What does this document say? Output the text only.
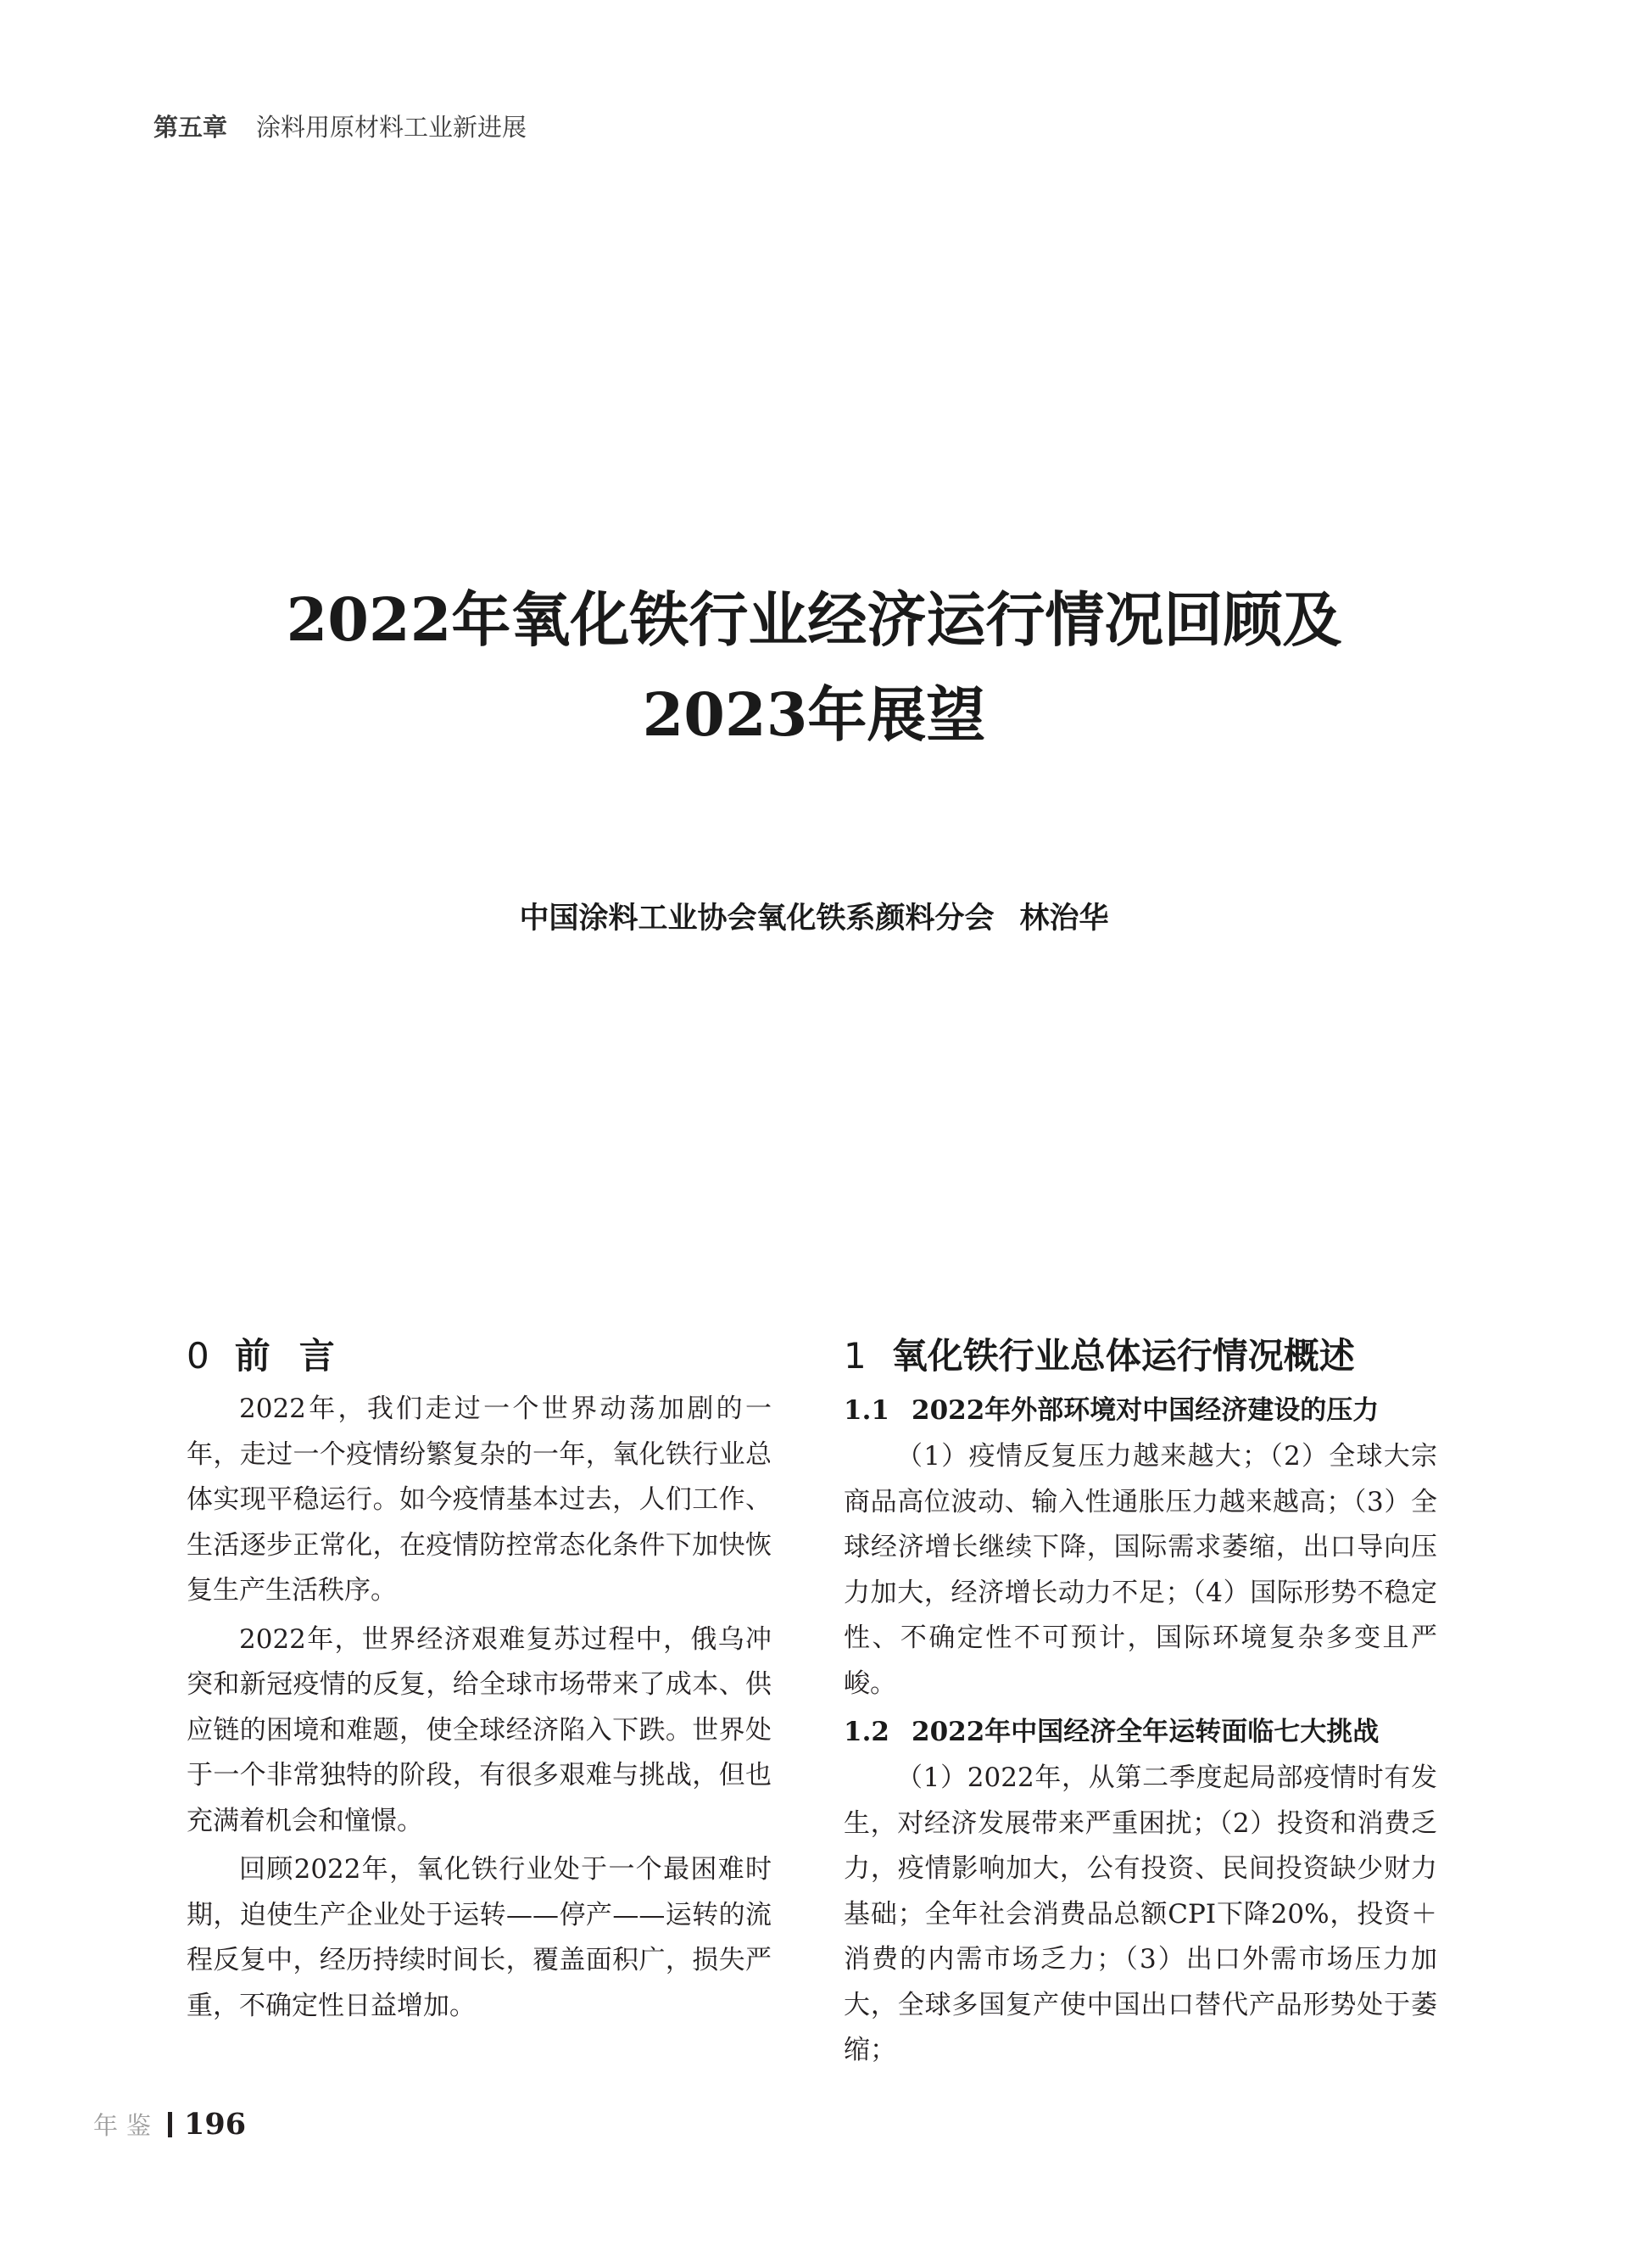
第五章 涂料用原材料工业新进展
2022年氧化铁行业经济运行情况回顾及
2023年展望
中国涂料工业协会氧化铁系颜料分会 林治华
0 前言

2022年，我们走过一个世界动荡加剧的一年，走过一个疫情纷繁复杂的一年，氧化铁行业总体实现平稳运行。如今疫情基本过去，人们工作、生活逐步正常化，在疫情防控常态化条件下加快恢复生产生活秩序。

2022年，世界经济艰难复苏过程中，俄乌冲突和新冠疫情的反复，给全球市场带来了成本、供应链的困境和难题，使全球经济陷入下跌。世界处于一个非常独特的阶段，有很多艰难与挑战，但也充满着机会和憧憬。

回顾2022年，氧化铁行业处于一个最困难时期，迫使生产企业处于运转——停产——运转的流程反复中，经历持续时间长，覆盖面积广，损失严重，不确定性日益增加。

1 氧化铁行业总体运行情况概述
1.1 2022年外部环境对中国经济建设的压力

（1）疫情反复压力越来越大；（2）全球大宗商品高位波动、输入性通胀压力越来越高；（3）全球经济增长继续下降，国际需求萎缩，出口导向压力加大，经济增长动力不足；（4）国际形势不稳定性、不确定性不可预计，国际环境复杂多变且严峻。

1.2 2022年中国经济全年运转面临七大挑战

（1）2022年，从第二季度起局部疫情时有发生，对经济发展带来严重困扰；（2）投资和消费乏力，疫情影响加大，公有投资、民间投资缺少财力基础；全年社会消费品总额CPI下降20%，投资＋消费的内需市场乏力；（3）出口外需市场压力加大，全球多国复产使中国出口替代产品形势处于萎缩；

年鉴 196
